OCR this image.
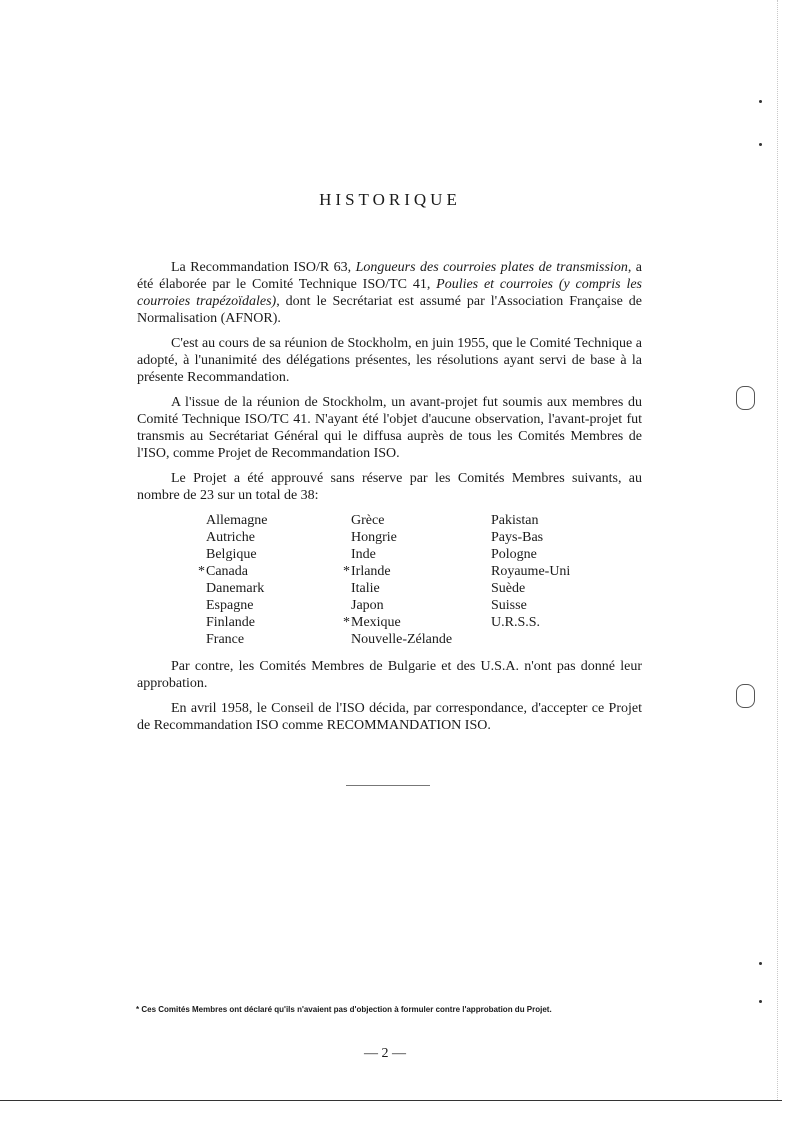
HISTORIQUE

La Recommandation ISO/R 63, Longueurs des courroies plates de transmission, a été élaborée par le Comité Technique ISO/TC 41, Poulies et courroies (y compris les courroies trapézoïdales), dont le Secrétariat est assumé par l'Association Française de Normalisation (AFNOR).

C'est au cours de sa réunion de Stockholm, en juin 1955, que le Comité Technique a adopté, à l'unanimité des délégations présentes, les résolutions ayant servi de base à la présente Recommandation.

A l'issue de la réunion de Stockholm, un avant-projet fut soumis aux membres du Comité Technique ISO/TC 41. N'ayant été l'objet d'aucune observation, l'avant-projet fut transmis au Secrétariat Général qui le diffusa auprès de tous les Comités Membres de l'ISO, comme Projet de Recommandation ISO.

Le Projet a été approuvé sans réserve par les Comités Membres suivants, au nombre de 23 sur un total de 38:

Allemagne
Autriche
Belgique
* Canada
Danemark
Espagne
Finlande
France
Grèce
Hongrie
Inde
* Irlande
Italie
Japon
* Mexique
Nouvelle-Zélande
Pakistan
Pays-Bas
Pologne
Royaume-Uni
Suède
Suisse
U.R.S.S.

Par contre, les Comités Membres de Bulgarie et des U.S.A. n'ont pas donné leur approbation.

En avril 1958, le Conseil de l'ISO décida, par correspondance, d'accepter ce Projet de Recommandation ISO comme RECOMMANDATION ISO.

* Ces Comités Membres ont déclaré qu'ils n'avaient pas d'objection à formuler contre l'approbation du Projet.
— 2 —
